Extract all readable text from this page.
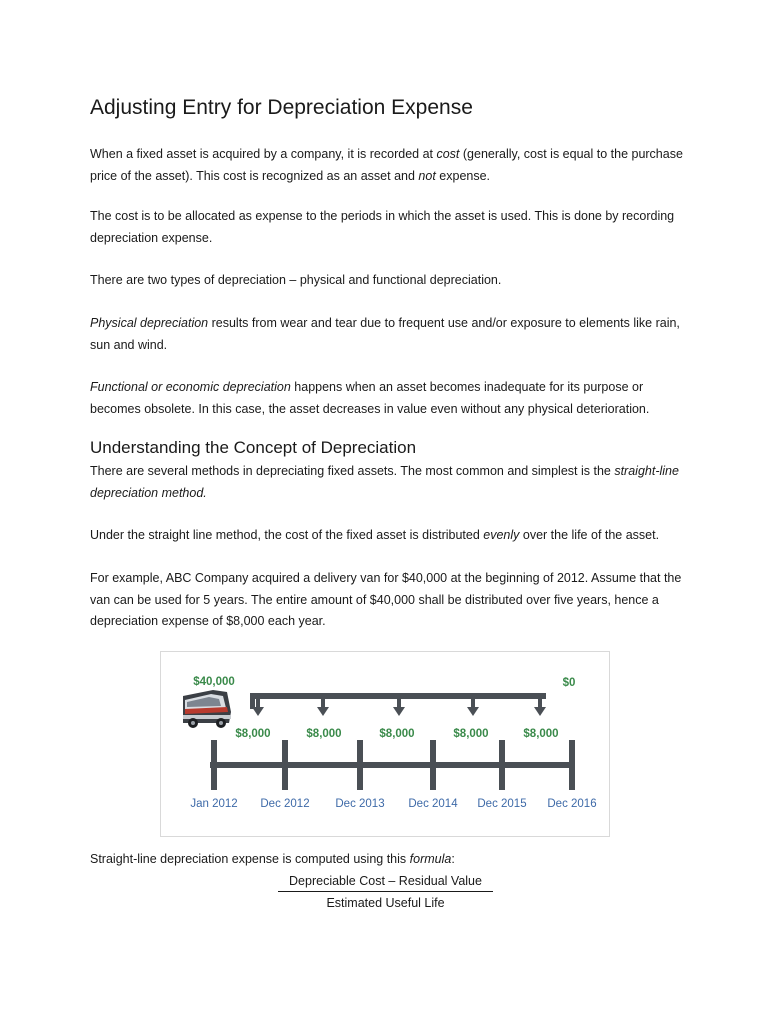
Adjusting Entry for Depreciation Expense

When a fixed asset is acquired by a company, it is recorded at cost (generally, cost is equal to the purchase price of the asset). This cost is recognized as an asset and not expense.

The cost is to be allocated as expense to the periods in which the asset is used. This is done by recording depreciation expense.

There are two types of depreciation – physical and functional depreciation.

Physical depreciation results from wear and tear due to frequent use and/or exposure to elements like rain, sun and wind.

Functional or economic depreciation happens when an asset becomes inadequate for its purpose or becomes obsolete. In this case, the asset decreases in value even without any physical deterioration.

Understanding the Concept of Depreciation

There are several methods in depreciating fixed assets. The most common and simplest is the straight-line depreciation method.

Under the straight line method, the cost of the fixed asset is distributed evenly over the life of the asset.

For example, ABC Company acquired a delivery van for $40,000 at the beginning of 2012. Assume that the van can be used for 5 years. The entire amount of $40,000 shall be distributed over five years, hence a depreciation expense of $8,000 each year.

Straight-line depreciation expense is computed using this formula:

$40,000	$0
$8,000	$8,000	$8,000	$8,000	$8,000
Jan 2012 Dec 2012 Dec 2013 Dec 2014 Dec 2015 Dec 2016
Depreciable Cost – Residual Value
Estimated Useful Life
